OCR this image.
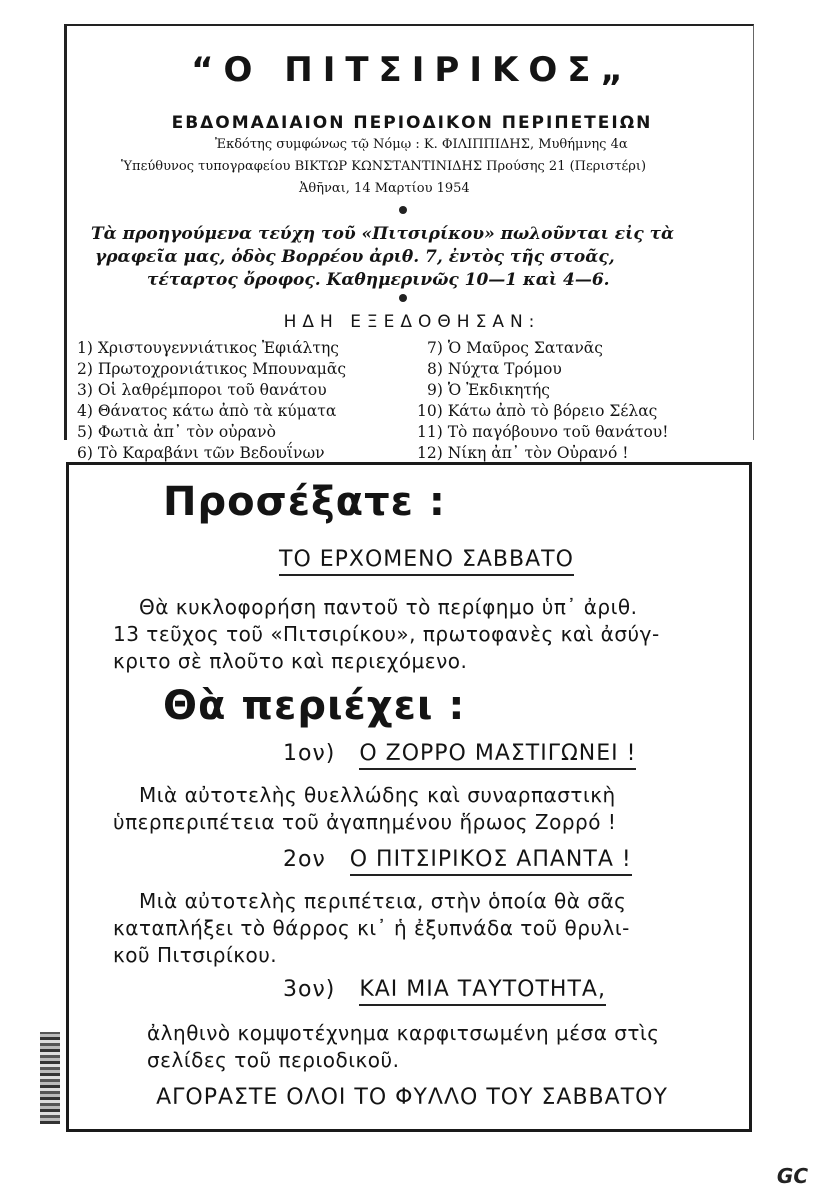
“Ο ΠΙΤΣΙΡΙΚΟΣ„
ΕΒΔΟΜΑΔΙΑΙΟΝ ΠΕΡΙΟΔΙΚΟΝ ΠΕΡΙΠΕΤΕΙΩΝ
Ἐκδότης συμφώνως τῷ Νόμῳ : Κ. ΦΙΛΙΠΠΙΔΗΣ, Μυθήμνης 4α
Ὑπεύθυνος τυπογραφείου ΒΙΚΤΩΡ ΚΩΝΣΤΑΝΤΙΝΙΔΗΣ Προύσης 21 (Περιστέρι)
Ἀθῆναι, 14 Μαρτίου 1954
Τὰ προηγούμενα τεύχη τοῦ «Πιτσιρίκου» πωλοῦνται εἰς τὰ
γραφεῖα μας, ὁδὸς Βορρέου ἀριθ. 7, ἐντὸς τῆς στοᾶς,
τέταρτος ὄροφος. Καθημερινῶς 10—1 καὶ 4—6.
ΗΔΗ ΕΞΕΔΟΘΗΣΑΝ:
1) Χριστουγεννιάτικος Ἐφιάλτης
2) Πρωτοχρονιάτικος Μπουναμᾶς
3) Οἱ λαθρέμποροι τοῦ θανάτου
4) Θάνατος κάτω ἀπὸ τὰ κύματα
5) Φωτιὰ ἀπ᾽ τὸν οὐρανὸ
6) Τὸ Καραβάνι τῶν Βεδουΐνων
7) Ὁ Μαῦρος Σατανᾶς
8) Νύχτα Τρόμου
9) Ὁ Ἐκδικητής
10) Κάτω ἀπὸ τὸ βόρειο Σέλας
11) Τὸ παγόβουνο τοῦ θανάτου!
12) Νίκη ἀπ᾽ τὸν Οὐρανό !
Προσέξατε :
ΤΟ ΕΡΧΟΜΕΝΟ ΣΑΒΒΑΤΟ
Θὰ κυκλοφορήση παντοῦ τὸ περίφημο ὑπ᾽ ἀριθ.
13 τεῦχος τοῦ «Πιτσιρίκου», πρωτοφανὲς καὶ ἀσύγ-
κριτο σὲ πλοῦτο καὶ περιεχόμενο.
Θὰ περιέχει :
1ον) Ο ΖΟΡΡΟ ΜΑΣΤΙΓΩΝΕΙ !
Μιὰ αὐτοτελὴς θυελλώδης καὶ συναρπαστικὴ
ὑπερπεριπέτεια τοῦ ἀγαπημένου ἥρωος Ζορρό !
2ον Ο ΠΙΤΣΙΡΙΚΟΣ ΑΠΑΝΤΑ !
Μιὰ αὐτοτελὴς περιπέτεια, στὴν ὁποία θὰ σᾶς
καταπλήξει τὸ θάρρος κι᾽ ἡ ἐξυπνάδα τοῦ θρυλι-
κοῦ Πιτσιρίκου.
3ον) ΚΑΙ ΜΙΑ ΤΑΥΤΟΤΗΤΑ,
ἀληθινὸ κομψοτέχνημα καρφιτσωμένη μέσα στὶς
σελίδες τοῦ περιοδικοῦ.
ΑΓΟΡΑΣΤΕ ΟΛΟΙ ΤΟ ΦΥΛΛΟ ΤΟΥ ΣΑΒΒΑΤΟΥ
GC
